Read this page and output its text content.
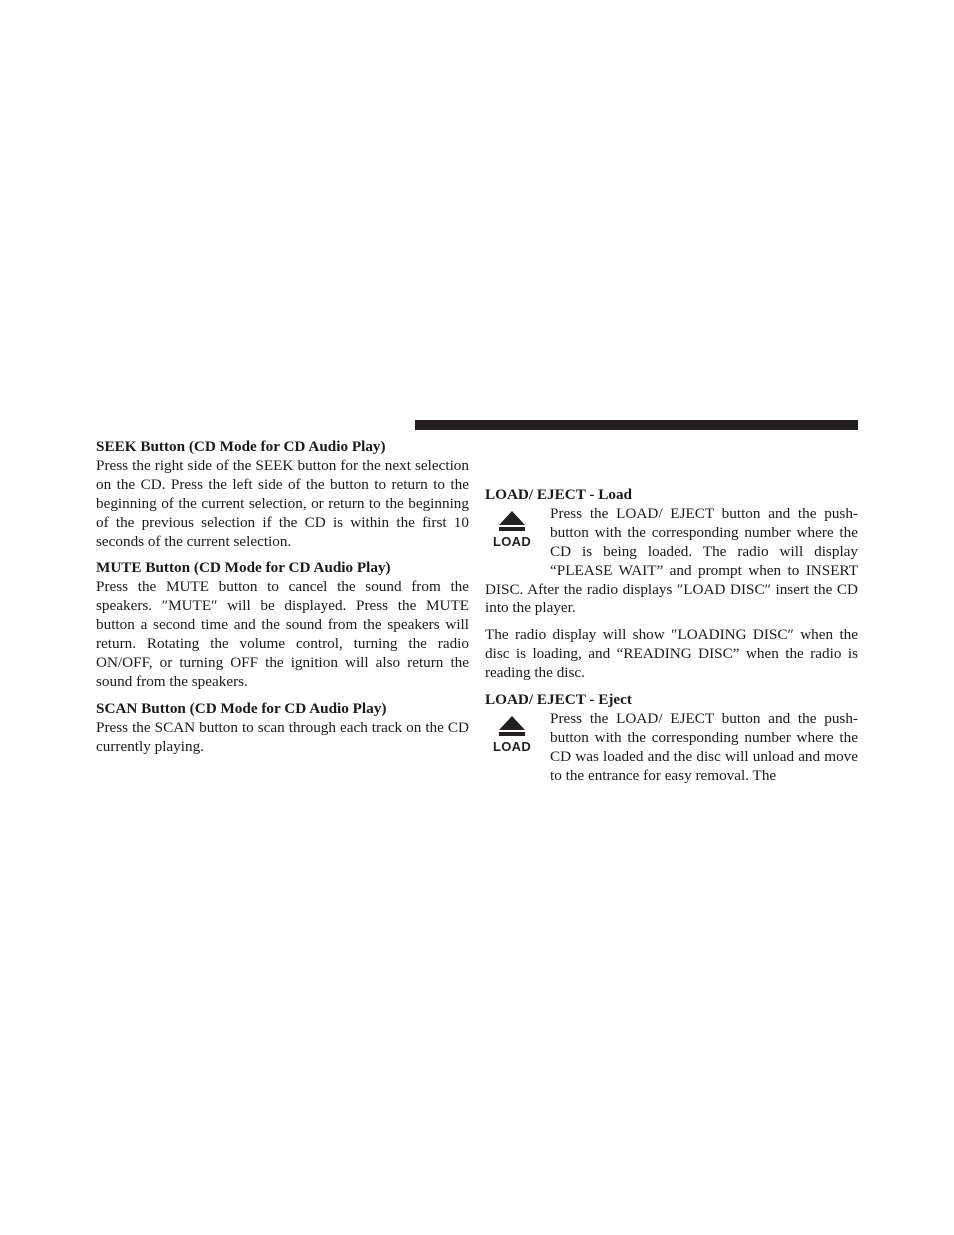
SEEK Button (CD Mode for CD Audio Play)

Press the right side of the SEEK button for the next selection on the CD. Press the left side of the button to return to the beginning of the current selection, or return to the beginning of the previous selection if the CD is within the first 10 seconds of the current selection.

MUTE Button (CD Mode for CD Audio Play)

Press the MUTE button to cancel the sound from the speakers. ″MUTE″ will be displayed. Press the MUTE button a second time and the sound from the speakers will return. Rotating the volume control, turning the radio ON/OFF, or turning OFF the ignition will also return the sound from the speakers.

SCAN Button (CD Mode for CD Audio Play)

Press the SCAN button to scan through each track on the CD currently playing.

LOAD/ EJECT - Load
LOAD

Press the LOAD/ EJECT button and the push-button with the corresponding number where the CD is being loaded. The radio will display “PLEASE WAIT” and prompt when to INSERT DISC. After the radio displays ″LOAD DISC″ insert the CD into the player.

The radio display will show ″LOADING DISC″ when the disc is loading, and “READING DISC” when the radio is reading the disc.

LOAD/ EJECT - Eject
LOAD

Press the LOAD/ EJECT button and the push-button with the corresponding number where the CD was loaded and the disc will unload and move to the entrance for easy removal. The
